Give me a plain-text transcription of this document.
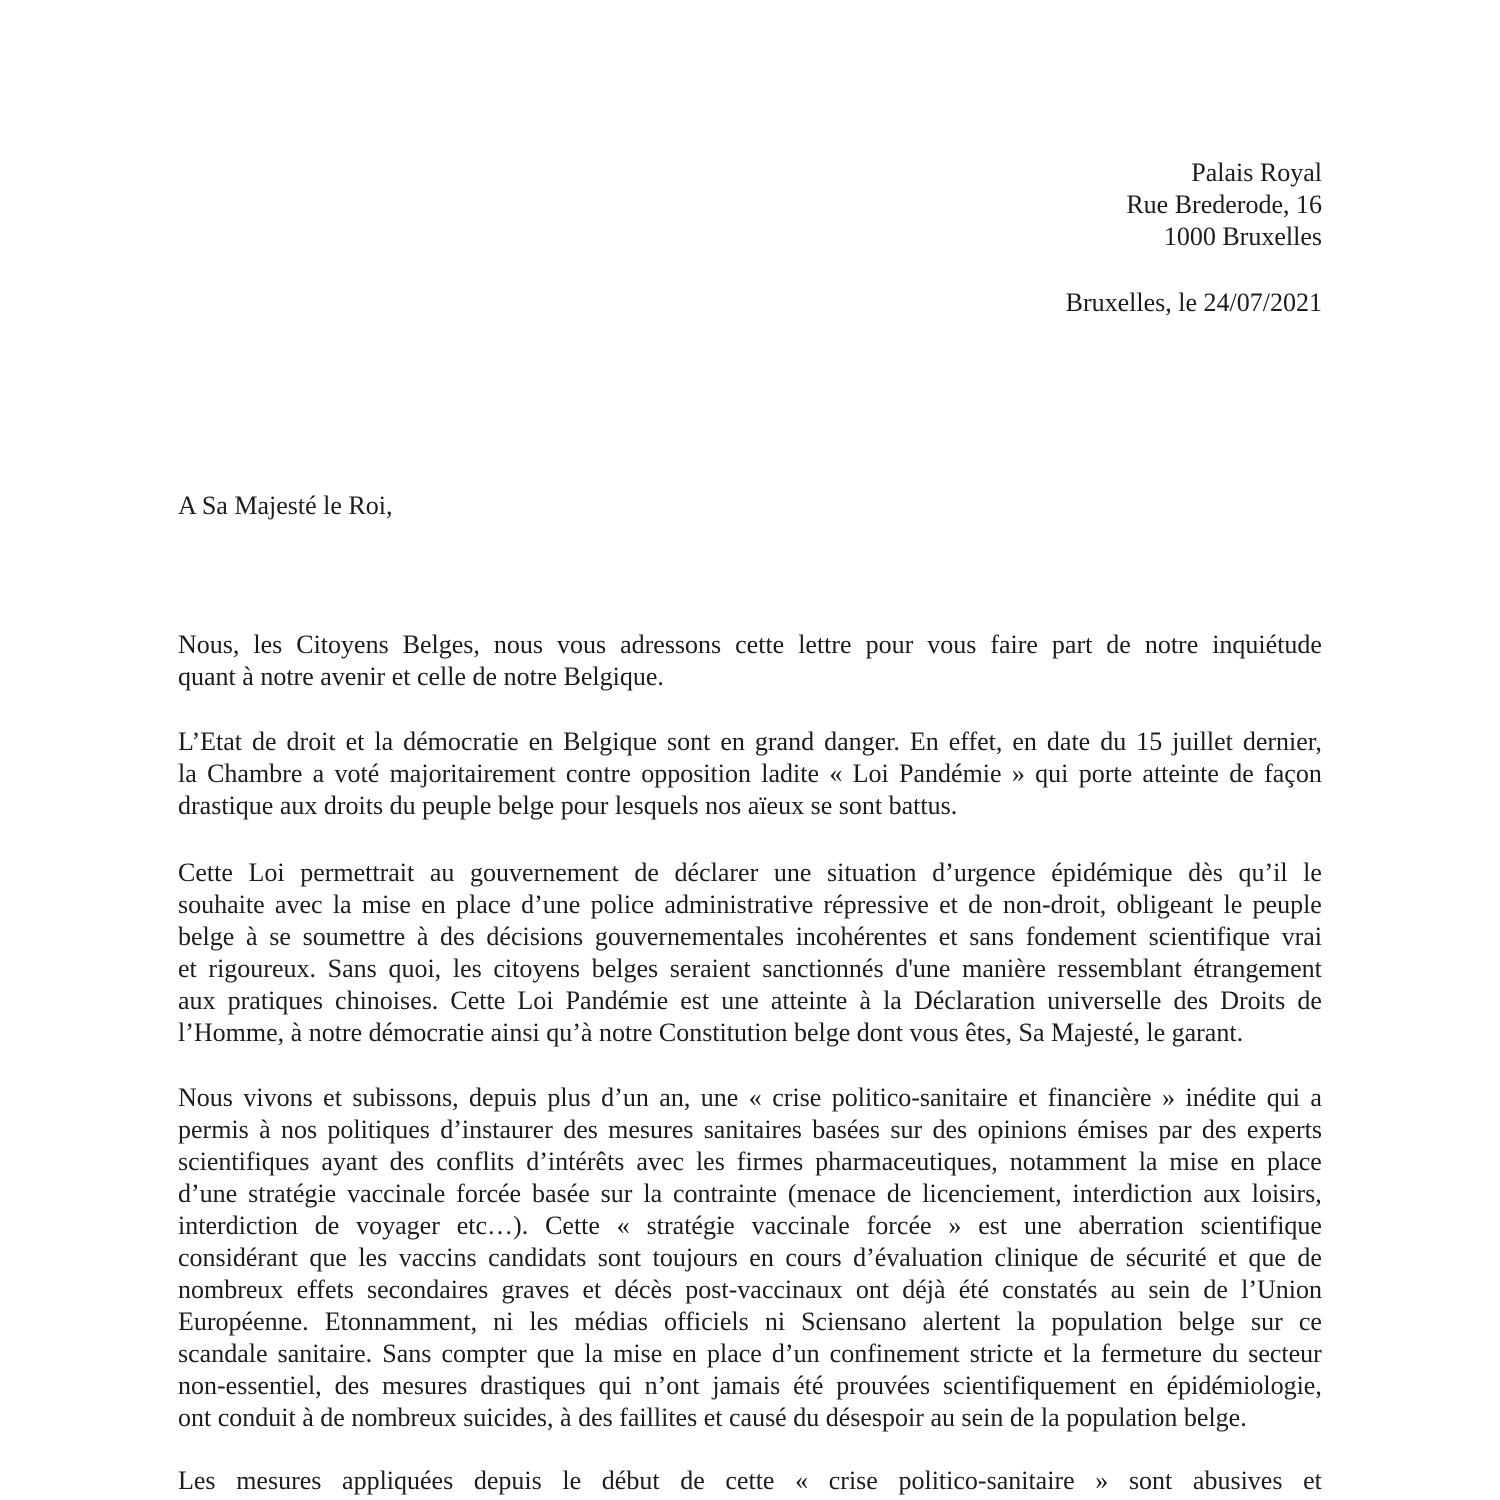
Palais Royal
Rue Brederode, 16
1000 Bruxelles
Bruxelles, le 24/07/2021
A Sa Majesté le Roi,
Nous, les Citoyens Belges, nous vous adressons cette lettre pour vous faire part de notre inquiétude
quant à notre avenir et celle de notre Belgique.
L’Etat de droit et la démocratie en Belgique sont en grand danger. En effet, en date du 15 juillet dernier,
la Chambre a voté majoritairement contre opposition ladite « Loi Pandémie » qui porte atteinte de façon
drastique aux droits du peuple belge pour lesquels nos aïeux se sont battus.
Cette Loi permettrait au gouvernement de déclarer une situation d’urgence épidémique dès qu’il le
souhaite avec la mise en place d’une police administrative répressive et de non-droit, obligeant le peuple
belge à se soumettre à des décisions gouvernementales incohérentes et sans fondement scientifique vrai
et rigoureux. Sans quoi, les citoyens belges seraient sanctionnés d'une manière ressemblant étrangement
aux pratiques chinoises. Cette Loi Pandémie est une atteinte à la Déclaration universelle des Droits de
l’Homme, à notre démocratie ainsi qu’à notre Constitution belge dont vous êtes, Sa Majesté, le garant.
Nous vivons et subissons, depuis plus d’un an, une « crise politico-sanitaire et financière » inédite qui a
permis à nos politiques d’instaurer des mesures sanitaires basées sur des opinions émises par des experts
scientifiques ayant des conflits d’intérêts avec les firmes pharmaceutiques, notamment la mise en place
d’une stratégie vaccinale forcée basée sur la contrainte (menace de licenciement, interdiction aux loisirs,
interdiction de voyager etc…). Cette « stratégie vaccinale forcée » est une aberration scientifique
considérant que les vaccins candidats sont toujours en cours d’évaluation clinique de sécurité et que de
nombreux effets secondaires graves et décès post-vaccinaux ont déjà été constatés au sein de l’Union
Européenne. Etonnamment, ni les médias officiels ni Sciensano alertent la population belge sur ce
scandale sanitaire. Sans compter que la mise en place d’un confinement stricte et la fermeture du secteur
non-essentiel, des mesures drastiques qui n’ont jamais été prouvées scientifiquement en épidémiologie,
ont conduit à de nombreux suicides, à des faillites et causé du désespoir au sein de la population belge.
Les mesures appliquées depuis le début de cette « crise politico-sanitaire » sont abusives et
